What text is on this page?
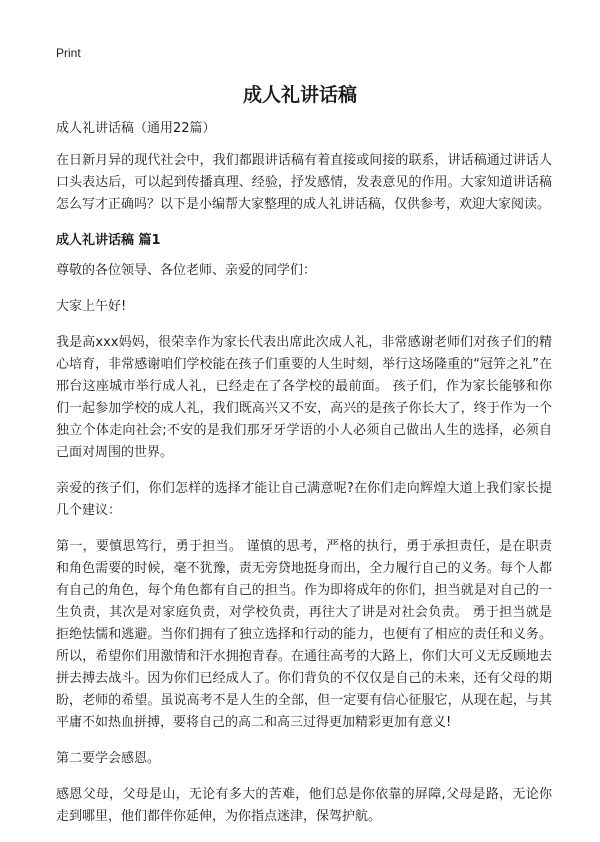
Print
成人礼讲话稿

成人礼讲话稿（通用22篇）

在日新月异的现代社会中，我们都跟讲话稿有着直接或间接的联系，讲话稿通过讲话人口头表达后，可以起到传播真理、经验，抒发感情，发表意见的作用。大家知道讲话稿怎么写才正确吗？以下是小编帮大家整理的成人礼讲话稿，仅供参考，欢迎大家阅读。

成人礼讲话稿 篇1

尊敬的各位领导、各位老师、亲爱的同学们：

大家上午好!

我是高xxx妈妈，很荣幸作为家长代表出席此次成人礼，非常感谢老师们对孩子们的精心培育，非常感谢咱们学校能在孩子们重要的人生时刻，举行这场隆重的“冠笄之礼”在邢台这座城市举行成人礼，已经走在了各学校的最前面。 孩子们，作为家长能够和你们一起参加学校的成人礼，我们既高兴又不安，高兴的是孩子你长大了，终于作为一个独立个体走向社会;不安的是我们那牙牙学语的小人必须自己做出人生的选择，必须自己面对周围的世界。

亲爱的孩子们，你们怎样的选择才能让自己满意呢?在你们走向辉煌大道上我们家长提几个建议：

第一，要慎思笃行，勇于担当。 谨慎的思考，严格的执行，勇于承担责任，是在职责和角色需要的时候，毫不犹豫，责无旁贷地挺身而出，全力履行自己的义务。每个人都有自己的角色，每个角色都有自己的担当。作为即将成年的你们，担当就是对自己的一生负责，其次是对家庭负责，对学校负责，再往大了讲是对社会负责。 勇于担当就是拒绝怯懦和逃避。当你们拥有了独立选择和行动的能力，也便有了相应的责任和义务。所以，希望你们用激情和汗水拥抱青春。在通往高考的大路上，你们大可义无反顾地去拼去搏去战斗。因为你们已经成人了。你们背负的不仅仅是自己的未来，还有父母的期盼，老师的希望。虽说高考不是人生的全部，但一定要有信心征服它，从现在起，与其平庸不如热血拼搏，要将自己的高二和高三过得更加精彩更加有意义!

第二要学会感恩。

感恩父母，父母是山，无论有多大的苦难，他们总是你依靠的屏障,父母是路，无论你走到哪里，他们都伴你延伸，为你指点迷津，保驾护航。
